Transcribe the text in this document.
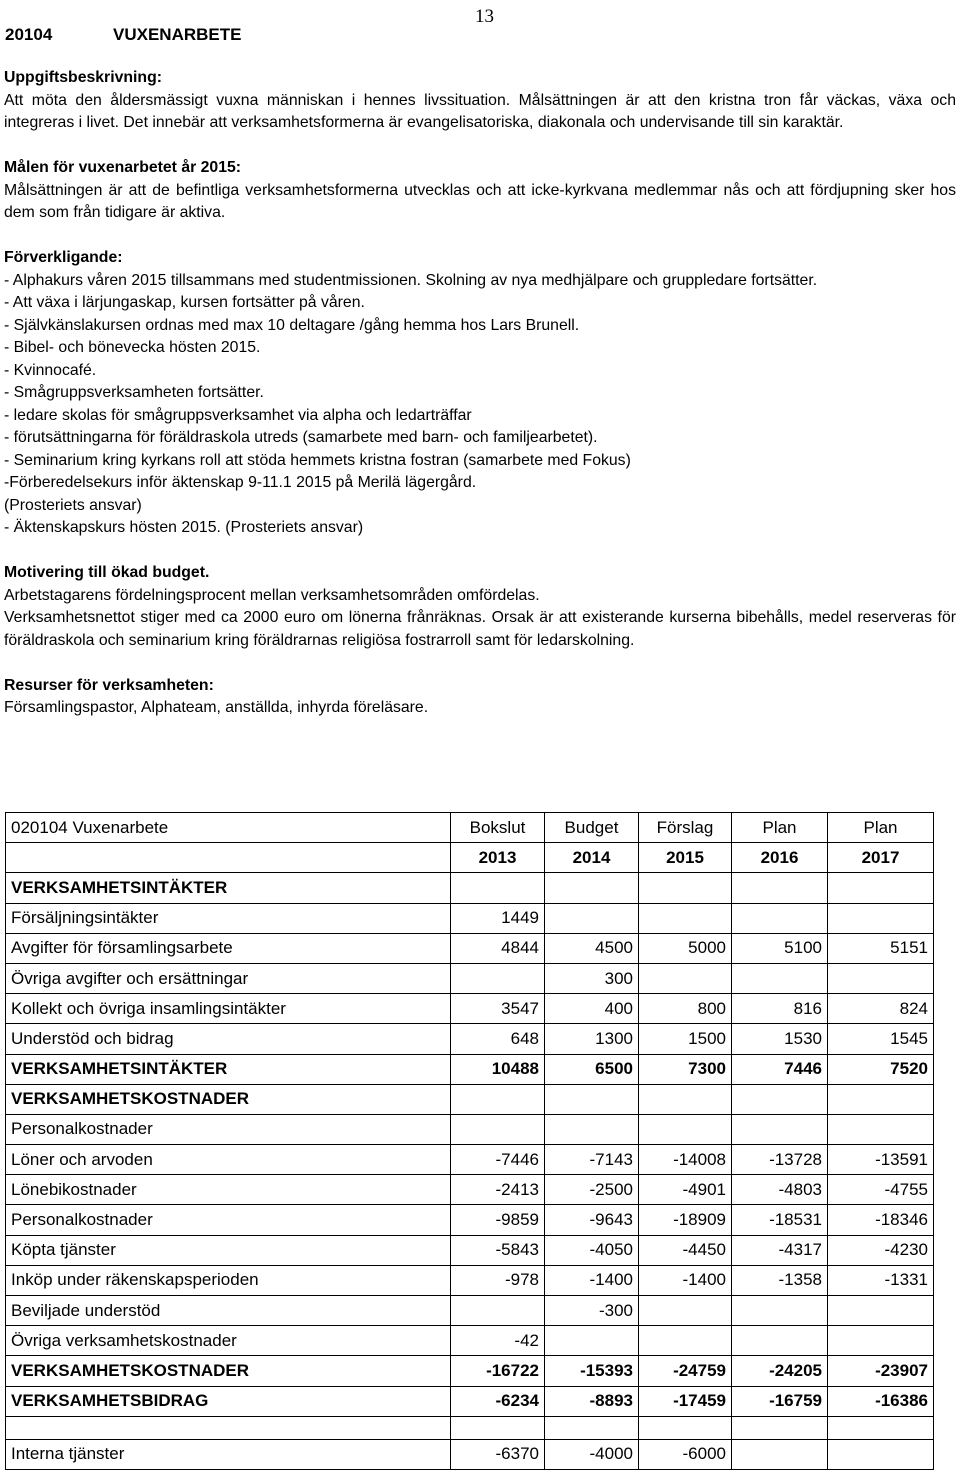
20104	VUXENARBETE
13

Uppgiftsbeskrivning:

Att möta den åldersmässigt vuxna människan i hennes livssituation. Målsättningen är att den kristna tron får väckas, växa och integreras i livet. Det innebär att verksamhetsformerna är evangelisatoriska, diakonala och undervisande till sin karaktär.

Målen för vuxenarbetet år 2015:

Målsättningen är att de befintliga verksamhetsformerna utvecklas och att icke-kyrkvana medlemmar nås och att fördjupning sker hos dem som från tidigare är aktiva.

Förverkligande:

- Alphakurs våren 2015 tillsammans med studentmissionen. Skolning av nya medhjälpare och gruppledare fortsätter.

- Att växa i lärjungaskap, kursen fortsätter på våren.

- Självkänslakursen ordnas med max 10 deltagare /gång hemma hos Lars Brunell.

- Bibel- och bönevecka hösten 2015.

- Kvinnocafé.

- Smågruppsverksamheten fortsätter.

- ledare skolas för smågruppsverksamhet via alpha och ledarträffar

- förutsättningarna för föräldraskola utreds (samarbete med barn- och familjearbetet).

- Seminarium kring kyrkans roll att stöda hemmets kristna fostran (samarbete med Fokus)

-Förberedelsekurs inför äktenskap 9-11.1 2015 på Merilä lägergård.

(Prosteriets ansvar)

- Äktenskapskurs hösten 2015. (Prosteriets ansvar)

Motivering till ökad budget.

Arbetstagarens fördelningsprocent mellan verksamhetsområden omfördelas.

Verksamhetsnettot stiger med ca 2000 euro om lönerna frånräknas. Orsak är att existerande kurserna bibehålls, medel reserveras för föräldraskola och seminarium kring föräldrarnas religiösa fostrarroll samt för ledarskolning.

Resurser för verksamheten:

Församlingspastor, Alphateam, anställda, inhyrda föreläsare.

020104 Vuxenarbete	Bokslut	Budget	Förslag	Plan	Plan
	2013	2014	2015	2016	2017
VERKSAMHETSINTÄKTER					
Försäljningsintäkter	1449				
Avgifter för församlingsarbete	4844	4500	5000	5100	5151
Övriga avgifter och ersättningar		300			
Kollekt och övriga insamlingsintäkter	3547	400	800	816	824
Understöd och bidrag	648	1300	1500	1530	1545
VERKSAMHETSINTÄKTER	10488	6500	7300	7446	7520
VERKSAMHETSKOSTNADER					
Personalkostnader					
Löner och arvoden	-7446	-7143	-14008	-13728	-13591
Lönebikostnader	-2413	-2500	-4901	-4803	-4755
Personalkostnader	-9859	-9643	-18909	-18531	-18346
Köpta tjänster	-5843	-4050	-4450	-4317	-4230
Inköp under räkenskapsperioden	-978	-1400	-1400	-1358	-1331
Beviljade understöd		-300			
Övriga verksamhetskostnader	-42				
VERKSAMHETSKOSTNADER	-16722	-15393	-24759	-24205	-23907
VERKSAMHETSBIDRAG	-6234	-8893	-17459	-16759	-16386

Interna tjänster	-6370	-4000	-6000		
